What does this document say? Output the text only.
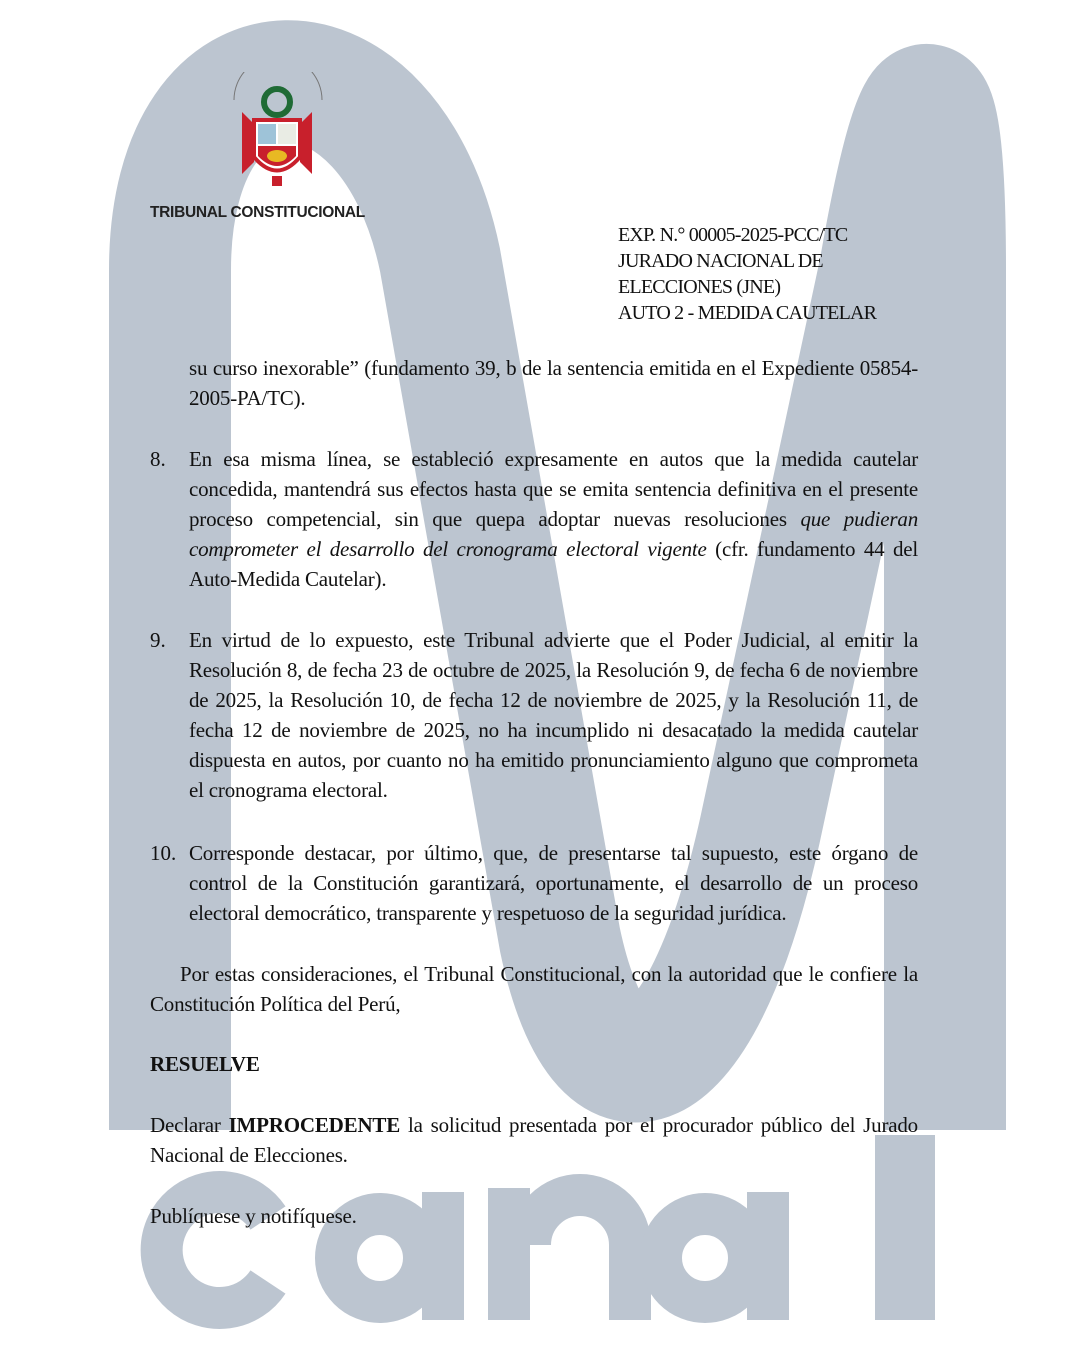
TRIBUNAL CONSTITUCIONAL
EXP. N.° 00005-2025-PCC/TC
JURADO NACIONAL DE
ELECCIONES (JNE)
AUTO 2 - MEDIDA CAUTELAR
su curso inexorable” (fundamento 39, b de la sentencia emitida en el Expediente 05854-2005-PA/TC).
8. En esa misma línea, se estableció expresamente en autos que la medida cautelar concedida, mantendrá sus efectos hasta que se emita sentencia definitiva en el presente proceso competencial, sin que quepa adoptar nuevas resoluciones que pudieran comprometer el desarrollo del cronograma electoral vigente (cfr. fundamento 44 del Auto-Medida Cautelar).
9. En virtud de lo expuesto, este Tribunal advierte que el Poder Judicial, al emitir la Resolución 8, de fecha 23 de octubre de 2025, la Resolución 9, de fecha 6 de noviembre de 2025, la Resolución 10, de fecha 12 de noviembre de 2025, y la Resolución 11, de fecha 12 de noviembre de 2025, no ha incumplido ni desacatado la medida cautelar dispuesta en autos, por cuanto no ha emitido pronunciamiento alguno que comprometa el cronograma electoral.
10. Corresponde destacar, por último, que, de presentarse tal supuesto, este órgano de control de la Constitución garantizará, oportunamente, el desarrollo de un proceso electoral democrático, transparente y respetuoso de la seguridad jurídica.
Por estas consideraciones, el Tribunal Constitucional, con la autoridad que le confiere la Constitución Política del Perú,
RESUELVE
Declarar IMPROCEDENTE la solicitud presentada por el procurador público del Jurado Nacional de Elecciones.
Publíquese y notifíquese.
